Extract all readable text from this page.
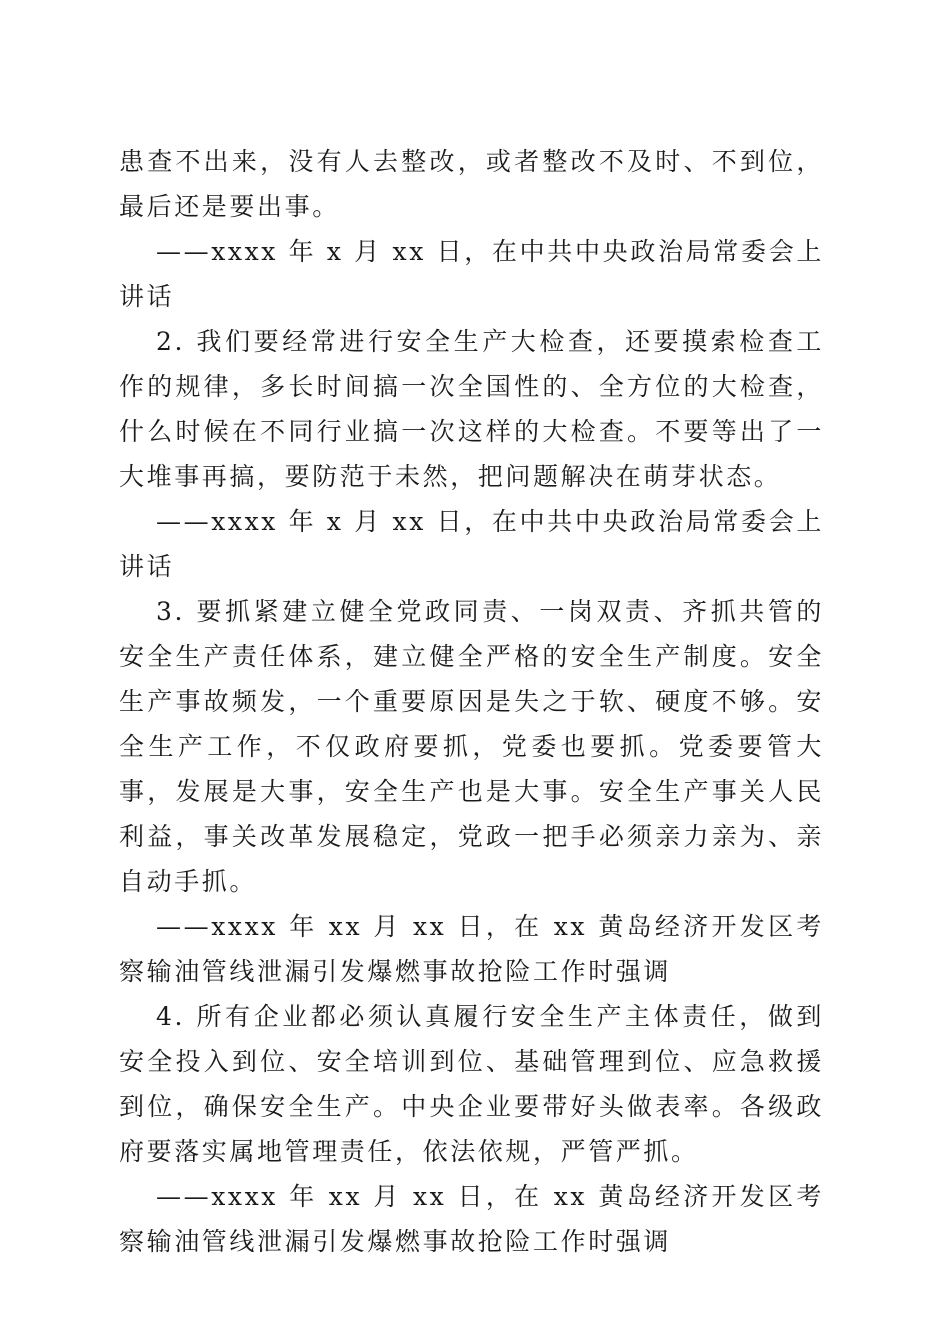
患查不出来，没有人去整改，或者整改不及时、不到位，最后还是要出事。

——xxxx 年 x 月 xx 日，在中共中央政治局常委会上讲话

2. 我们要经常进行安全生产大检查，还要摸索检查工作的规律，多长时间搞一次全国性的、全方位的大检查，什么时候在不同行业搞一次这样的大检查。不要等出了一大堆事再搞，要防范于未然，把问题解决在萌芽状态。

——xxxx 年 x 月 xx 日，在中共中央政治局常委会上讲话

3. 要抓紧建立健全党政同责、一岗双责、齐抓共管的安全生产责任体系，建立健全严格的安全生产制度。安全生产事故频发，一个重要原因是失之于软、硬度不够。安全生产工作，不仅政府要抓，党委也要抓。党委要管大事，发展是大事，安全生产也是大事。安全生产事关人民利益，事关改革发展稳定，党政一把手必须亲力亲为、亲自动手抓。

——xxxx 年 xx 月 xx 日，在 xx 黄岛经济开发区考察输油管线泄漏引发爆燃事故抢险工作时强调

4. 所有企业都必须认真履行安全生产主体责任，做到安全投入到位、安全培训到位、基础管理到位、应急救援到位，确保安全生产。中央企业要带好头做表率。各级政府要落实属地管理责任，依法依规，严管严抓。

——xxxx 年 xx 月 xx 日，在 xx 黄岛经济开发区考察输油管线泄漏引发爆燃事故抢险工作时强调
